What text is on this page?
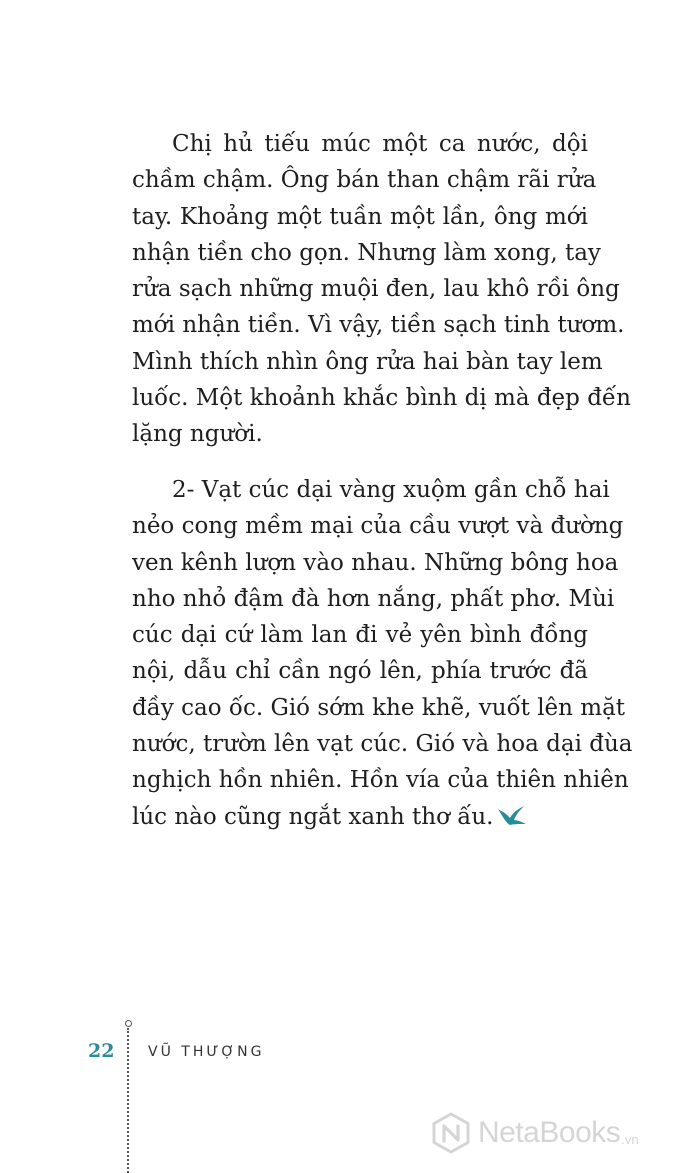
Chị hủ tiếu múc một ca nước, dội
chầm chậm. Ông bán than chậm rãi rửa
tay. Khoảng một tuần một lần, ông mới
nhận tiền cho gọn. Nhưng làm xong, tay
rửa sạch những muội đen, lau khô rồi ông
mới nhận tiền. Vì vậy, tiền sạch tinh tươm.
Mình thích nhìn ông rửa hai bàn tay lem
luốc. Một khoảnh khắc bình dị mà đẹp đến
lặng người.
2- Vạt cúc dại vàng xuộm gần chỗ hai
nẻo cong mềm mại của cầu vượt và đường
ven kênh lượn vào nhau. Những bông hoa
nho nhỏ đậm đà hơn nắng, phất phơ. Mùi
cúc dại cứ làm lan đi vẻ yên bình đồng
nội, dẫu chỉ cần ngó lên, phía trước đã
đầy cao ốc. Gió sớm khe khẽ, vuốt lên mặt
nước, trườn lên vạt cúc. Gió và hoa dại đùa
nghịch hồn nhiên. Hồn vía của thiên nhiên
lúc nào cũng ngắt xanh thơ ấu.
22 VŨ THƯỢNG
NetaBooks .vn
